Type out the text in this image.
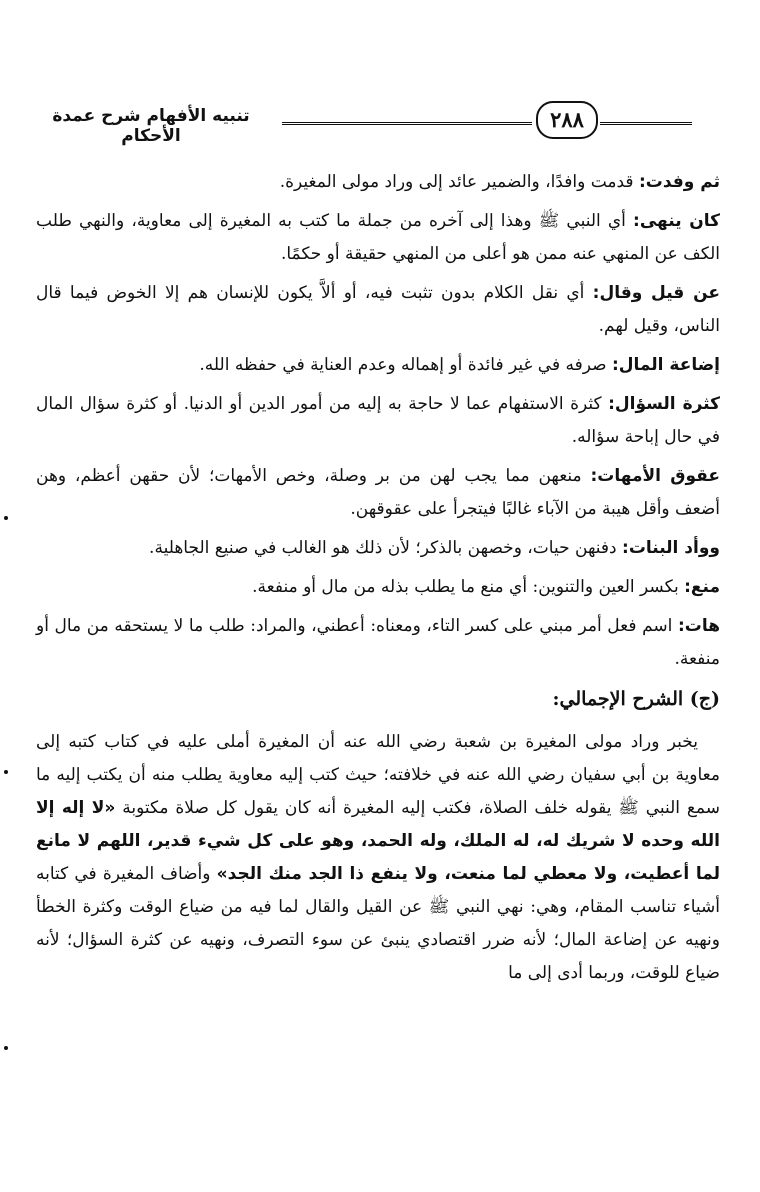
تنبيه الأفهام شرح عمدة الأحكام
٢٨٨

ثم وفدت: قدمت وافدًا، والضمير عائد إلى وراد مولى المغيرة.

كان ينهى: أي النبي ﷺ وهذا إلى آخره من جملة ما كتب به المغيرة إلى معاوية، والنهي طلب الكف عن المنهي عنه ممن هو أعلى من المنهي حقيقة أو حكمًا.

عن قيل وقال: أي نقل الكلام بدون تثبت فيه، أو ألاَّ يكون للإنسان هم إلا الخوض فيما قال الناس، وقيل لهم.

إضاعة المال: صرفه في غير فائدة أو إهماله وعدم العناية في حفظه الله.

كثرة السؤال: كثرة الاستفهام عما لا حاجة به إليه من أمور الدين أو الدنيا. أو كثرة سؤال المال في حال إباحة سؤاله.

عقوق الأمهات: منعهن مما يجب لهن من بر وصلة، وخص الأمهات؛ لأن حقهن أعظم، وهن أضعف وأقل هيبة من الآباء غالبًا فيتجرأ على عقوقهن.

ووأد البنات: دفنهن حيات، وخصهن بالذكر؛ لأن ذلك هو الغالب في صنيع الجاهلية.

منع: بكسر العين والتنوين: أي منع ما يطلب بذله من مال أو منفعة.

هات: اسم فعل أمر مبني على كسر التاء، ومعناه: أعطني، والمراد: طلب ما لا يستحقه من مال أو منفعة.

(ج) الشرح الإجمالي:

يخبر وراد مولى المغيرة بن شعبة رضي الله عنه أن المغيرة أملى عليه في كتاب كتبه إلى معاوية بن أبي سفيان رضي الله عنه في خلافته؛ حيث كتب إليه معاوية يطلب منه أن يكتب إليه ما سمع النبي ﷺ يقوله خلف الصلاة، فكتب إليه المغيرة أنه كان يقول كل صلاة مكتوبة «لا إله إلا الله وحده لا شريك له، له الملك، وله الحمد، وهو على كل شيء قدير، اللهم لا مانع لما أعطيت، ولا معطي لما منعت، ولا ينفع ذا الجد منك الجد» وأضاف المغيرة في كتابه أشياء تناسب المقام، وهي: نهي النبي ﷺ عن القيل والقال لما فيه من ضياع الوقت وكثرة الخطأ ونهيه عن إضاعة المال؛ لأنه ضرر اقتصادي ينبئ عن سوء التصرف، ونهيه عن كثرة السؤال؛ لأنه ضياع للوقت، وربما أدى إلى ما
